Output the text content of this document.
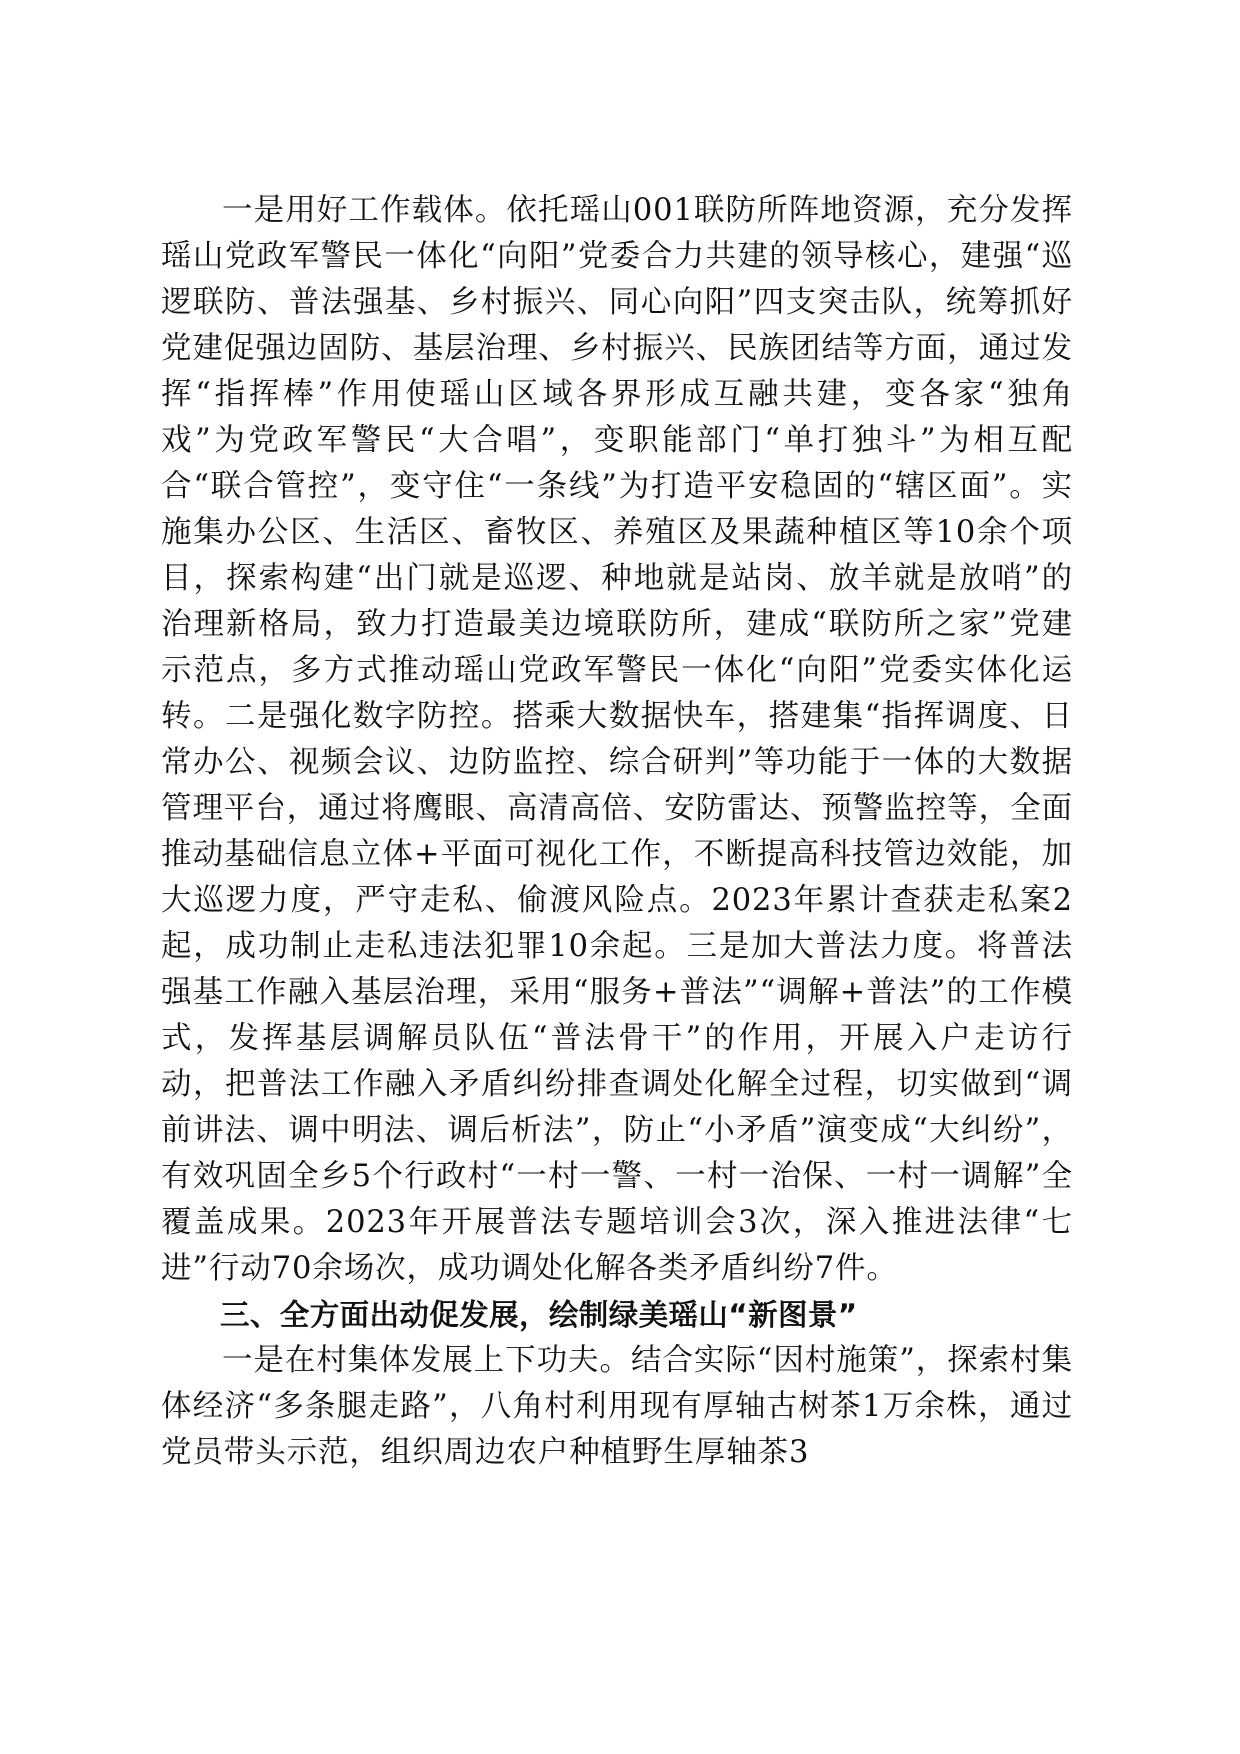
一是用好工作载体。依托瑶山001联防所阵地资源，充分发挥瑶山党政军警民一体化“向阳”党委合力共建的领导核心，建强“巡逻联防、普法强基、乡村振兴、同心向阳”四支突击队，统筹抓好党建促强边固防、基层治理、乡村振兴、民族团结等方面，通过发挥“指挥棒”作用使瑶山区域各界形成互融共建，变各家“独角戏”为党政军警民“大合唱”，变职能部门“单打独斗”为相互配合“联合管控”，变守住“一条线”为打造平安稳固的“辖区面”。实施集办公区、生活区、畜牧区、养殖区及果蔬种植区等10余个项目，探索构建“出门就是巡逻、种地就是站岗、放羊就是放哨”的治理新格局，致力打造最美边境联防所，建成“联防所之家”党建示范点，多方式推动瑶山党政军警民一体化“向阳”党委实体化运转。二是强化数字防控。搭乘大数据快车，搭建集“指挥调度、日常办公、视频会议、边防监控、综合研判”等功能于一体的大数据管理平台，通过将鹰眼、高清高倍、安防雷达、预警监控等，全面推动基础信息立体+平面可视化工作，不断提高科技管边效能，加大巡逻力度，严守走私、偷渡风险点。2023年累计查获走私案2起，成功制止走私违法犯罪10余起。三是加大普法力度。将普法强基工作融入基层治理，采用“服务+普法”“调解+普法”的工作模式，发挥基层调解员队伍“普法骨干”的作用，开展入户走访行动，把普法工作融入矛盾纠纷排查调处化解全过程，切实做到“调前讲法、调中明法、调后析法”，防止“小矛盾”演变成“大纠纷”，有效巩固全乡5个行政村“一村一警、一村一治保、一村一调解”全覆盖成果。2023年开展普法专题培训会3次，深入推进法律“七进”行动70余场次，成功调处化解各类矛盾纠纷7件。

三、全方面出动促发展，绘制绿美瑶山“新图景”

一是在村集体发展上下功夫。结合实际“因村施策”，探索村集体经济“多条腿走路”，八角村利用现有厚轴古树茶1万余株，通过党员带头示范，组织周边农户种植野生厚轴茶3
